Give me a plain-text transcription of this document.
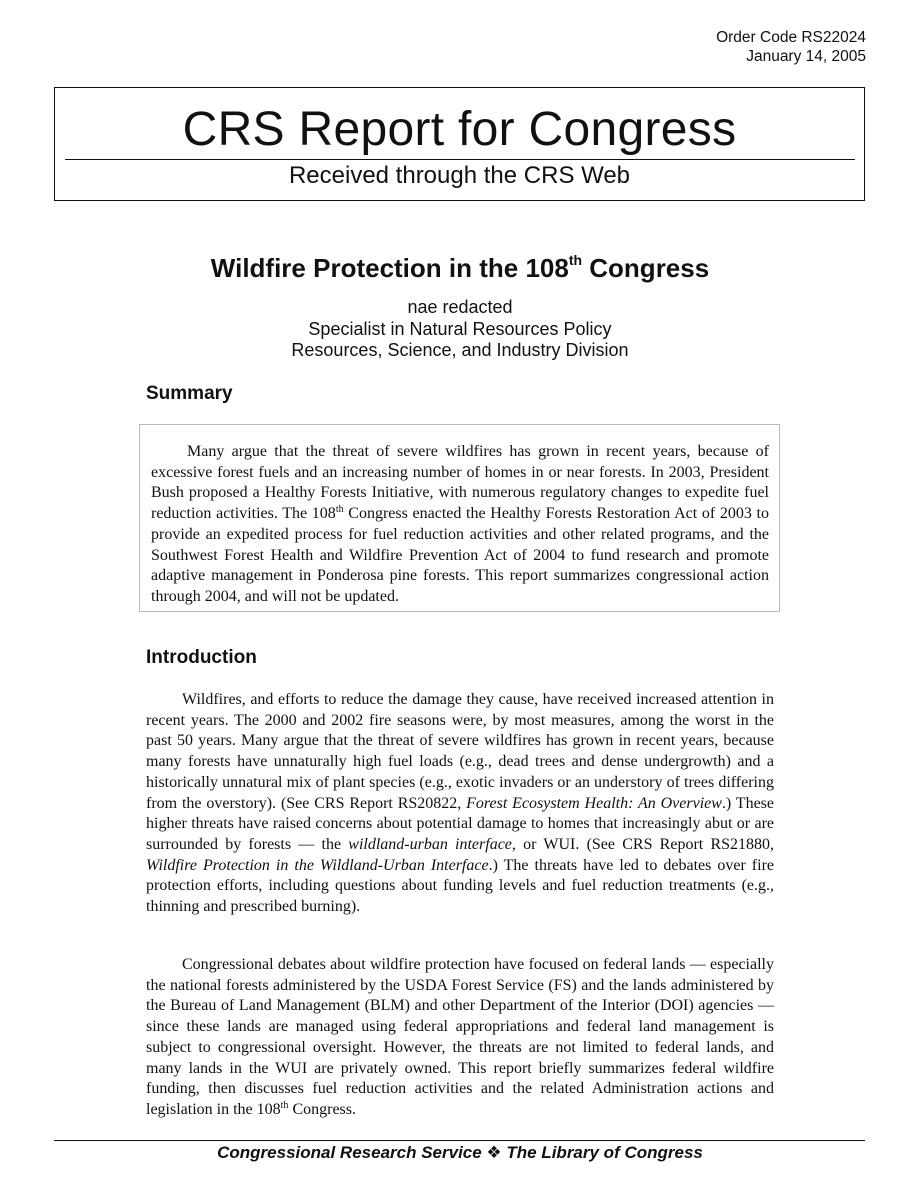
Order Code RS22024
January 14, 2005
CRS Report for Congress
Received through the CRS Web
Wildfire Protection in the 108th Congress
nae redacted
Specialist in Natural Resources Policy
Resources, Science, and Industry Division
Summary

Many argue that the threat of severe wildfires has grown in recent years, because of excessive forest fuels and an increasing number of homes in or near forests. In 2003, President Bush proposed a Healthy Forests Initiative, with numerous regulatory changes to expedite fuel reduction activities. The 108th Congress enacted the Healthy Forests Restoration Act of 2003 to provide an expedited process for fuel reduction activities and other related programs, and the Southwest Forest Health and Wildfire Prevention Act of 2004 to fund research and promote adaptive management in Ponderosa pine forests. This report summarizes congressional action through 2004, and will not be updated.

Introduction

Wildfires, and efforts to reduce the damage they cause, have received increased attention in recent years. The 2000 and 2002 fire seasons were, by most measures, among the worst in the past 50 years. Many argue that the threat of severe wildfires has grown in recent years, because many forests have unnaturally high fuel loads (e.g., dead trees and dense undergrowth) and a historically unnatural mix of plant species (e.g., exotic invaders or an understory of trees differing from the overstory). (See CRS Report RS20822, Forest Ecosystem Health: An Overview.) These higher threats have raised concerns about potential damage to homes that increasingly abut or are surrounded by forests — the wildland-urban interface, or WUI. (See CRS Report RS21880, Wildfire Protection in the Wildland-Urban Interface.) The threats have led to debates over fire protection efforts, including questions about funding levels and fuel reduction treatments (e.g., thinning and prescribed burning).

Congressional debates about wildfire protection have focused on federal lands — especially the national forests administered by the USDA Forest Service (FS) and the lands administered by the Bureau of Land Management (BLM) and other Department of the Interior (DOI) agencies — since these lands are managed using federal appropriations and federal land management is subject to congressional oversight. However, the threats are not limited to federal lands, and many lands in the WUI are privately owned. This report briefly summarizes federal wildfire funding, then discusses fuel reduction activities and the related Administration actions and legislation in the 108th Congress.

Congressional Research Service ❖ The Library of Congress
